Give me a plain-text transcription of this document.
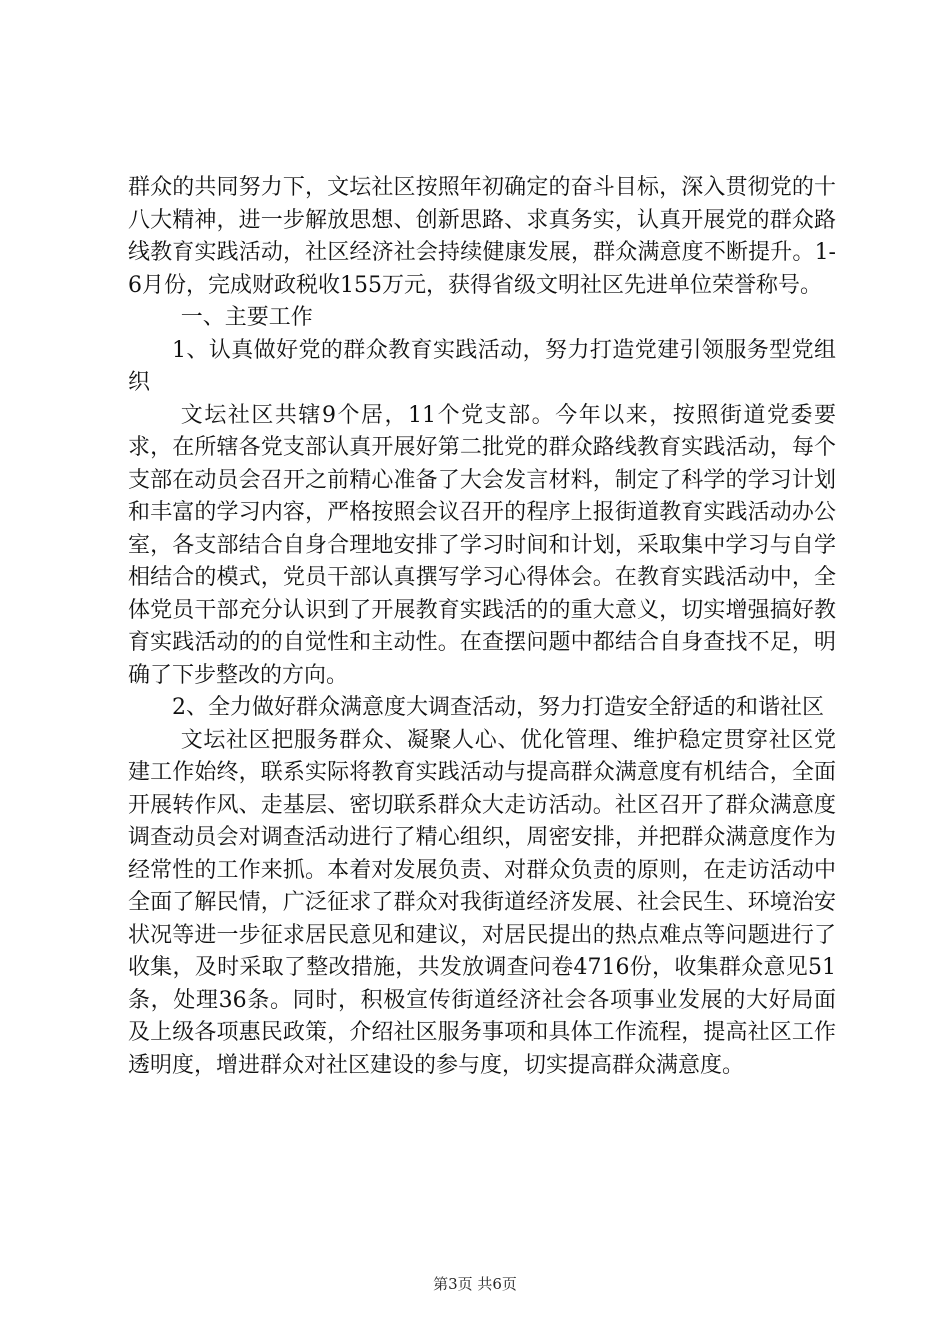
群众的共同努力下，文坛社区按照年初确定的奋斗目标，深入贯彻党的十八大精神，进一步解放思想、创新思路、求真务实，认真开展党的群众路线教育实践活动，社区经济社会持续健康发展，群众满意度不断提升。1-6月份，完成财政税收155万元，获得省级文明社区先进单位荣誉称号。

一、主要工作

1、认真做好党的群众教育实践活动，努力打造党建引领服务型党组织

文坛社区共辖9个居，11个党支部。今年以来，按照街道党委要求，在所辖各党支部认真开展好第二批党的群众路线教育实践活动，每个支部在动员会召开之前精心准备了大会发言材料，制定了科学的学习计划和丰富的学习内容，严格按照会议召开的程序上报街道教育实践活动办公室，各支部结合自身合理地安排了学习时间和计划，采取集中学习与自学相结合的模式，党员干部认真撰写学习心得体会。在教育实践活动中，全体党员干部充分认识到了开展教育实践活的的重大意义，切实增强搞好教育实践活动的的自觉性和主动性。在查摆问题中都结合自身查找不足，明确了下步整改的方向。

2、全力做好群众满意度大调查活动，努力打造安全舒适的和谐社区

文坛社区把服务群众、凝聚人心、优化管理、维护稳定贯穿社区党建工作始终，联系实际将教育实践活动与提高群众满意度有机结合，全面开展转作风、走基层、密切联系群众大走访活动。社区召开了群众满意度调查动员会对调查活动进行了精心组织，周密安排，并把群众满意度作为经常性的工作来抓。本着对发展负责、对群众负责的原则，在走访活动中全面了解民情，广泛征求了群众对我街道经济发展、社会民生、环境治安状况等进一步征求居民意见和建议，对居民提出的热点难点等问题进行了收集，及时采取了整改措施，共发放调查问卷4716份，收集群众意见51条，处理36条。同时，积极宣传街道经济社会各项事业发展的大好局面及上级各项惠民政策，介绍社区服务事项和具体工作流程，提高社区工作透明度，增进群众对社区建设的参与度，切实提高群众满意度。

第3页 共6页
